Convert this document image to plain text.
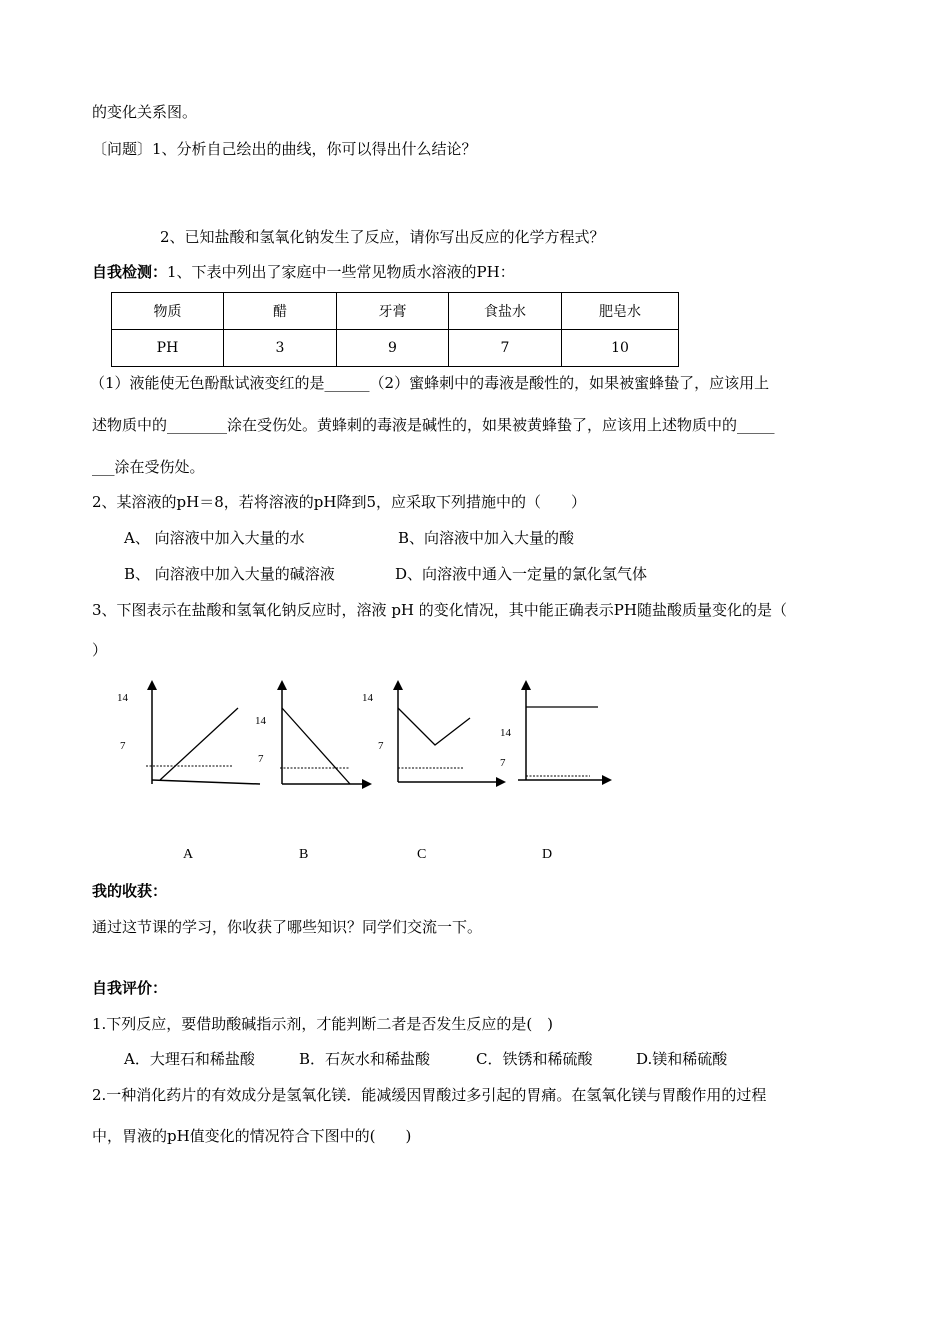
的变化关系图。
〔问题〕1、分析自己绘出的曲线，你可以得出什么结论？
2、已知盐酸和氢氧化钠发生了反应，请你写出反应的化学方程式？
自我检测：1、下表中列出了家庭中一些常见物质水溶液的PH：
物质	醋	牙膏	食盐水	肥皂水
PH	3	9	7	10
（1）液能使无色酚酞试液变红的是______（2）蜜蜂刺中的毒液是酸性的，如果被蜜蜂蛰了，应该用上
述物质中的________涂在受伤处。黄蜂刺的毒液是碱性的，如果被黄蜂蛰了，应该用上述物质中的_____
___涂在受伤处。
2、某溶液的pH＝8，若将溶液的pH降到5，应采取下列措施中的（　　）
A、 向溶液中加入大量的水	B、向溶液中加入大量的酸
B、 向溶液中加入大量的碱溶液	D、向溶液中通入一定量的氯化氢气体
3、下图表示在盐酸和氢氧化钠反应时，溶液 pH 的变化情况，其中能正确表示PH随盐酸质量变化的是（
）
14
7
14
7
14
7
14
7
A	B	C	D
我的收获：
通过这节课的学习，你收获了哪些知识？同学们交流一下。
自我评价：
1.下列反应，要借助酸碱指示剂，才能判断二者是否发生反应的是(　)
A．大理石和稀盐酸	B．石灰水和稀盐酸	C．铁锈和稀硫酸	D.镁和稀硫酸
2.一种消化药片的有效成分是氢氧化镁．能减缓因胃酸过多引起的胃痛。在氢氧化镁与胃酸作用的过程
中，胃液的pH值变化的情况符合下图中的(　　)
